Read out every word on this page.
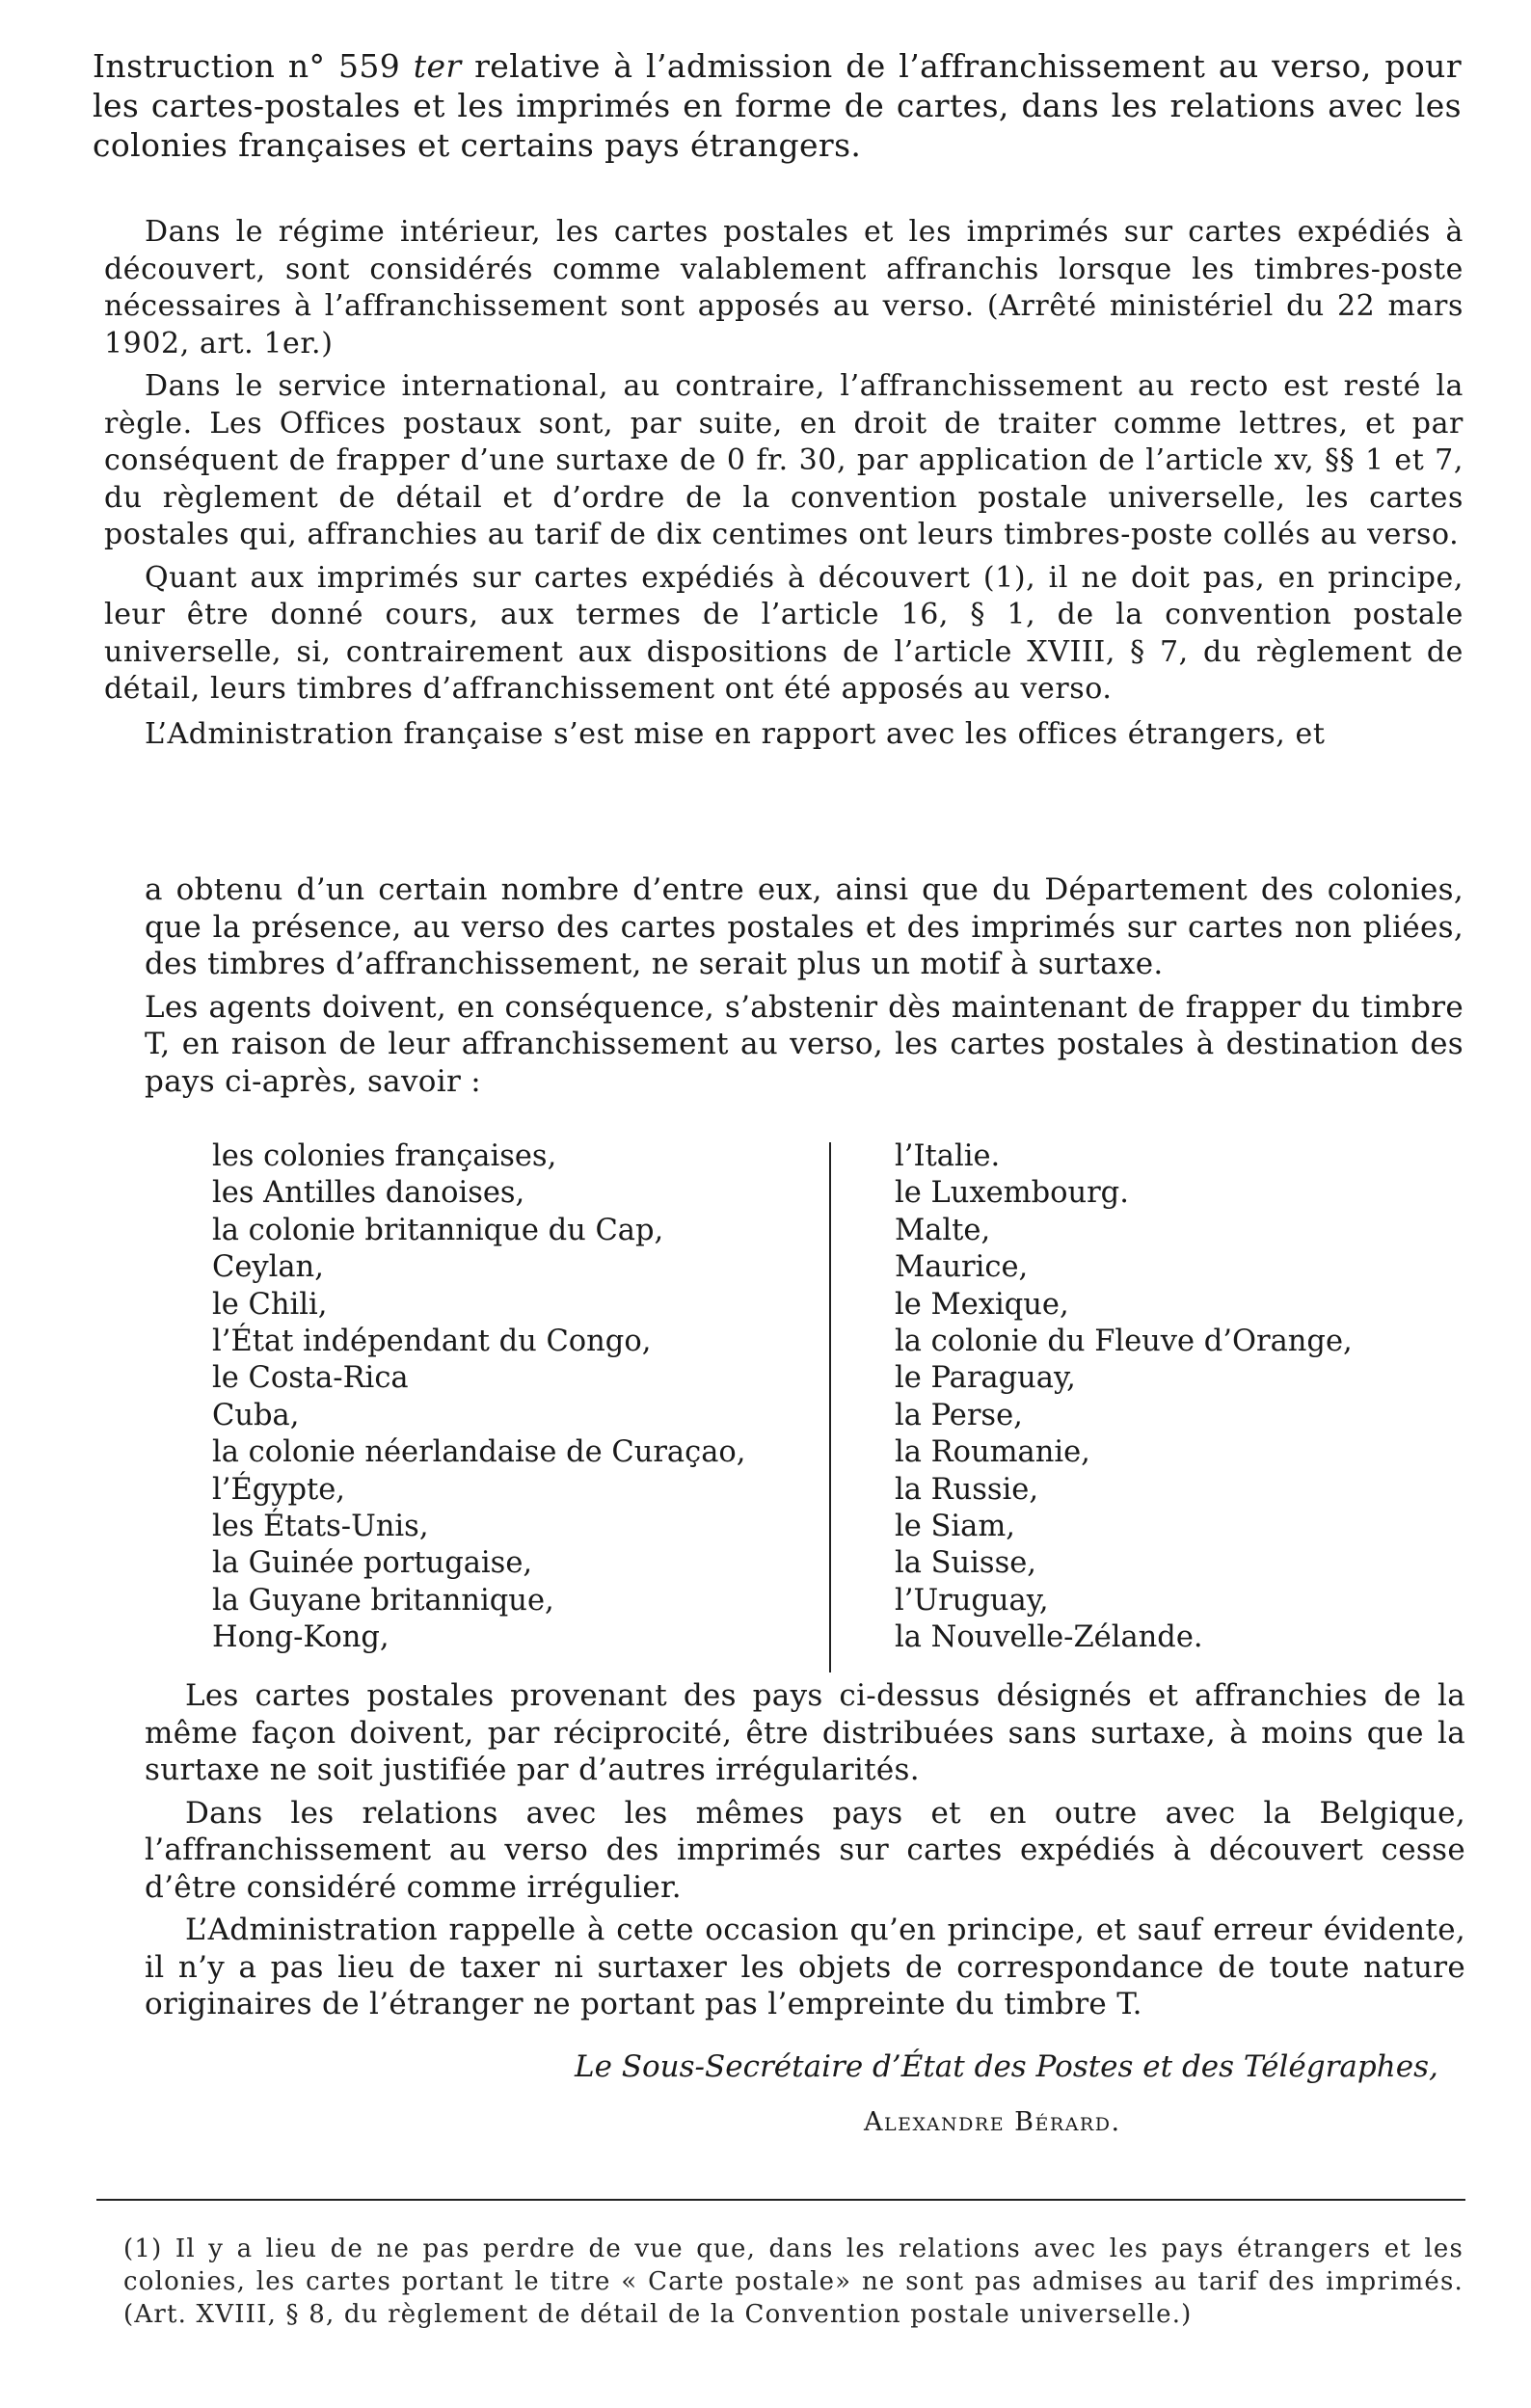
Instruction n° 559 ter relative à l’admission de l’affranchissement au verso, pour les cartes-postales et les imprimés en forme de cartes, dans les relations avec les colonies françaises et certains pays étrangers.

Dans le régime intérieur, les cartes postales et les imprimés sur cartes expédiés à découvert, sont considérés comme valablement affranchis lorsque les timbres-poste nécessaires à l’affranchissement sont apposés au verso. (Arrêté ministériel du 22 mars 1902, art. 1er.)

Dans le service international, au contraire, l’affranchissement au recto est resté la règle. Les Offices postaux sont, par suite, en droit de traiter comme lettres, et par conséquent de frapper d’une surtaxe de 0 fr. 30, par application de l’article xv, §§ 1 et 7, du règlement de détail et d’ordre de la convention postale universelle, les cartes postales qui, affranchies au tarif de dix centimes ont leurs timbres-poste collés au verso.

Quant aux imprimés sur cartes expédiés à découvert (1), il ne doit pas, en principe, leur être donné cours, aux termes de l’article 16, § 1, de la convention postale universelle, si, contrairement aux dispositions de l’article XVIII, § 7, du règlement de détail, leurs timbres d’affranchissement ont été apposés au verso.

L’Administration française s’est mise en rapport avec les offices étrangers, et

a obtenu d’un certain nombre d’entre eux, ainsi que du Département des colonies, que la présence, au verso des cartes postales et des imprimés sur cartes non pliées, des timbres d’affranchissement, ne serait plus un motif à surtaxe.

Les agents doivent, en conséquence, s’abstenir dès maintenant de frapper du timbre T, en raison de leur affranchissement au verso, les cartes postales à destination des pays ci-après, savoir :

les colonies françaises,
les Antilles danoises,
la colonie britannique du Cap,
Ceylan,
le Chili,
l’État indépendant du Congo,
le Costa-Rica
Cuba,
la colonie néerlandaise de Curaçao,
l’Égypte,
les États-Unis,
la Guinée portugaise,
la Guyane britannique,
Hong-Kong,
l’Italie.
le Luxembourg.
Malte,
Maurice,
le Mexique,
la colonie du Fleuve d’Orange,
le Paraguay,
la Perse,
la Roumanie,
la Russie,
le Siam,
la Suisse,
l’Uruguay,
la Nouvelle-Zélande.

Les cartes postales provenant des pays ci-dessus désignés et affranchies de la même façon doivent, par réciprocité, être distribuées sans surtaxe, à moins que la surtaxe ne soit justifiée par d’autres irrégularités.

Dans les relations avec les mêmes pays et en outre avec la Belgique, l’affranchissement au verso des imprimés sur cartes expédiés à découvert cesse d’être considéré comme irrégulier.

L’Administration rappelle à cette occasion qu’en principe, et sauf erreur évidente, il n’y a pas lieu de taxer ni surtaxer les objets de correspondance de toute nature originaires de l’étranger ne portant pas l’empreinte du timbre T.

Le Sous-Secrétaire d’État des Postes et des Télégraphes,
Alexandre Bérard.
(1) Il y a lieu de ne pas perdre de vue que, dans les relations avec les pays étrangers et les colonies, les cartes portant le titre « Carte postale» ne sont pas admises au tarif des imprimés. (Art. XVIII, § 8, du règlement de détail de la Convention postale universelle.)
